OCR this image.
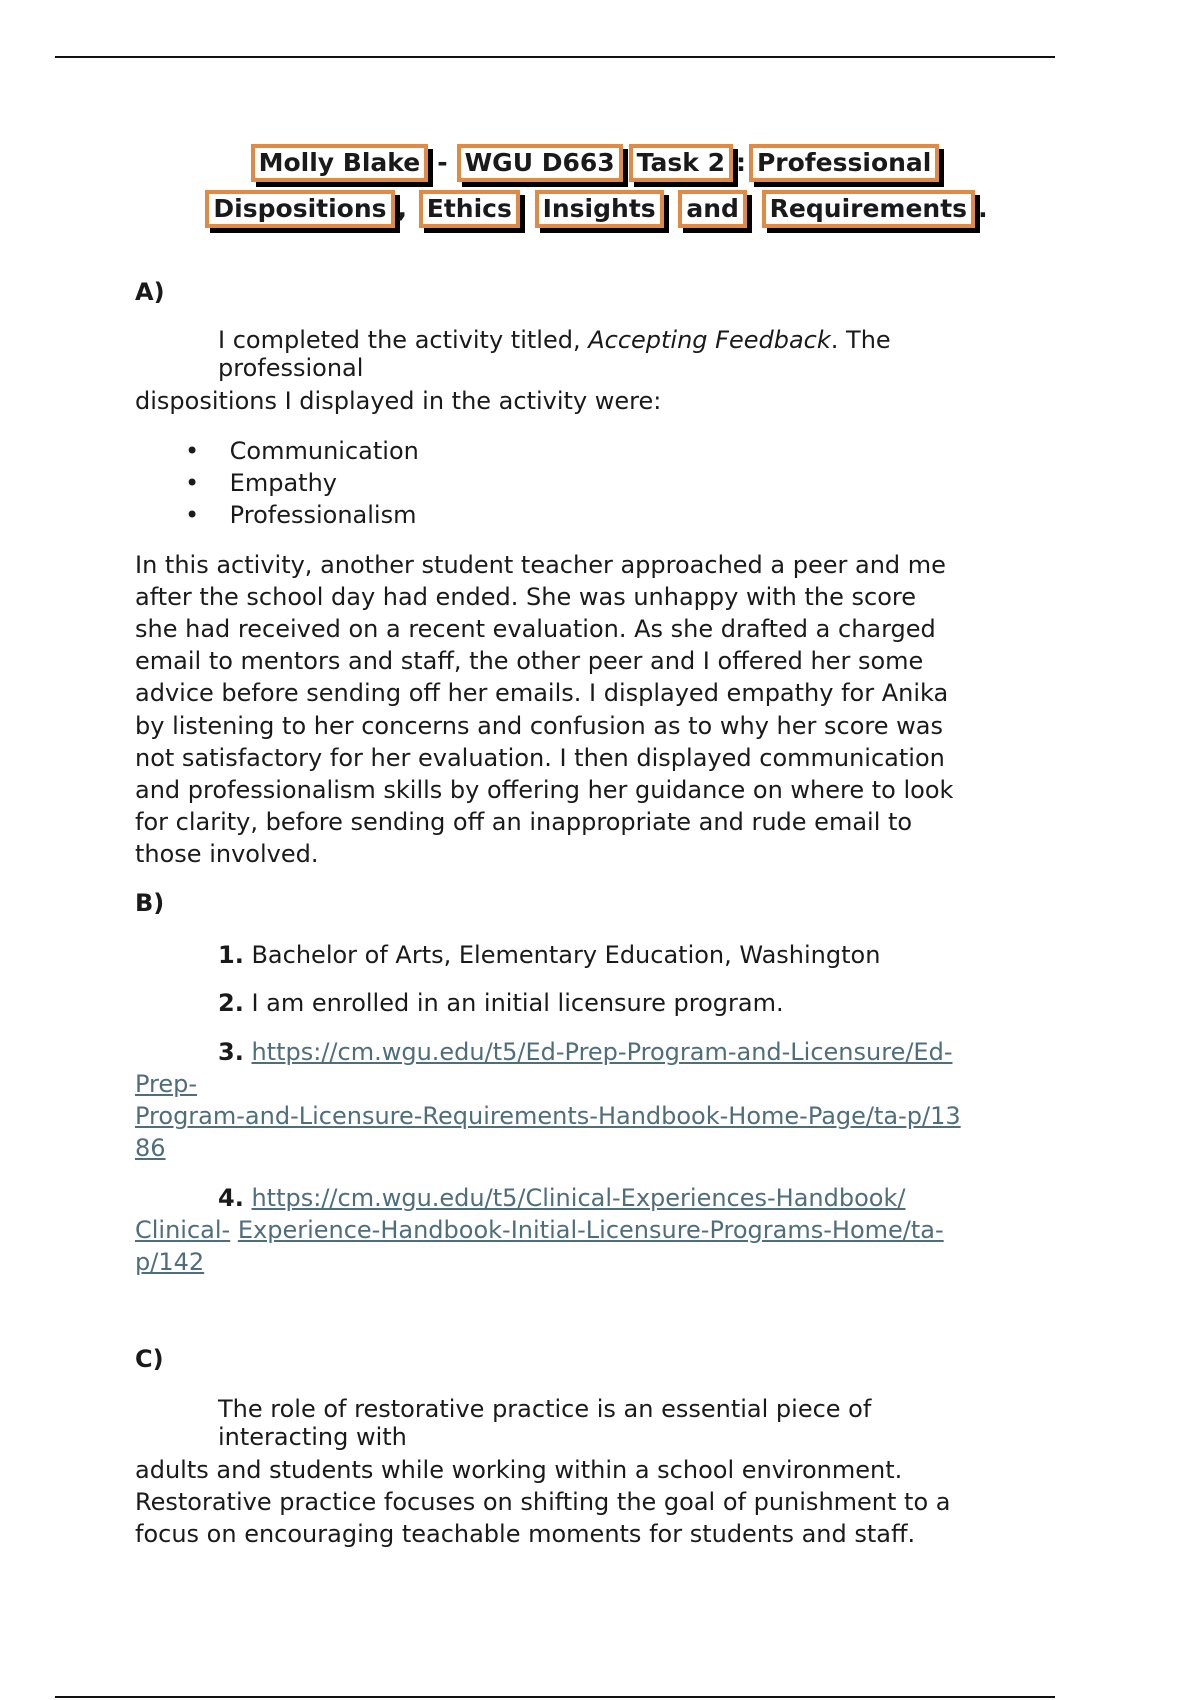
Molly Blake - WGU D663 Task 2 : Professional
Dispositions , Ethics Insights and Requirements .
A)
I completed the activity titled, Accepting Feedback. The
professional
dispositions I displayed in the activity were:
•    Communication
•    Empathy
•    Professionalism
In this activity, another student teacher approached a peer and me
after the school day had ended. She was unhappy with the score
she had received on a recent evaluation. As she drafted a charged
email to mentors and staff, the other peer and I offered her some
advice before sending off her emails. I displayed empathy for Anika
by listening to her concerns and confusion as to why her score was
not satisfactory for her evaluation. I then displayed communication
and professionalism skills by offering her guidance on where to look
for clarity, before sending off an inappropriate and rude email to
those involved.
B)
1. Bachelor of Arts, Elementary Education, Washington
2. I am enrolled in an initial licensure program.
3. https://cm.wgu.edu/t5/Ed-Prep-Program-and-Licensure/Ed-
Prep-
Program-and-Licensure-Requirements-Handbook-Home-Page/ta-p/13
86
4. https://cm.wgu.edu/t5/Clinical-Experiences-Handbook/
Clinical- Experience-Handbook-Initial-Licensure-Programs-Home/ta-
p/142
C)
The role of restorative practice is an essential piece of
interacting with
adults and students while working within a school environment.
Restorative practice focuses on shifting the goal of punishment to a
focus on encouraging teachable moments for students and staff.
